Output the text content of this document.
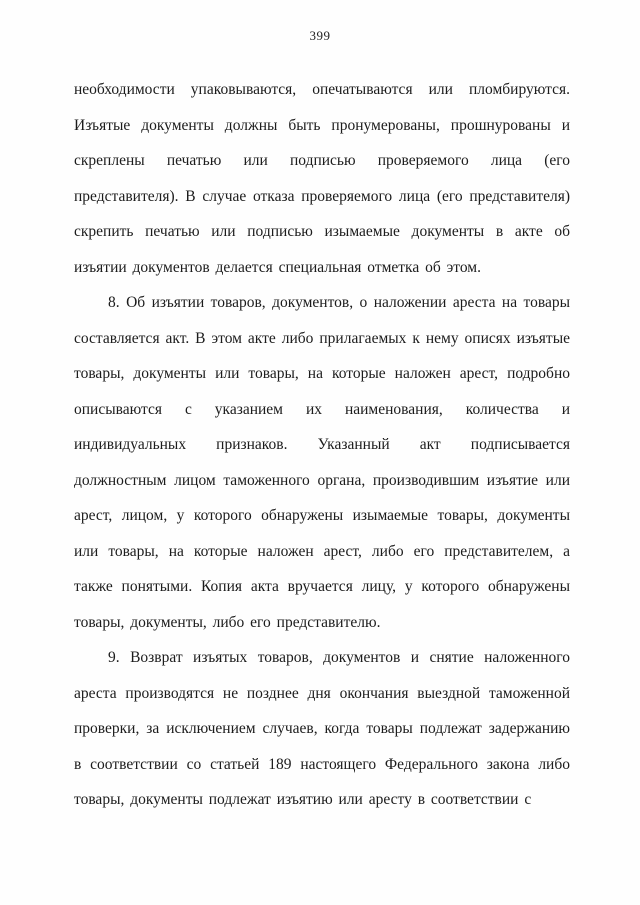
399

необходимости упаковываются, опечатываются или пломбируются. Изъятые документы должны быть пронумерованы, прошнурованы и скреплены печатью или подписью проверяемого лица (его представителя). В случае отказа проверяемого лица (его представителя) скрепить печатью или подписью изымаемые документы в акте об изъятии документов делается специальная отметка об этом.

8. Об изъятии товаров, документов, о наложении ареста на товары составляется акт. В этом акте либо прилагаемых к нему описях изъятые товары, документы или товары, на которые наложен арест, подробно описываются с указанием их наименования, количества и индивидуальных признаков. Указанный акт подписывается должностным лицом таможенного органа, производившим изъятие или арест, лицом, у которого обнаружены изымаемые товары, документы или товары, на которые наложен арест, либо его представителем, а также понятыми. Копия акта вручается лицу, у которого обнаружены товары, документы, либо его представителю.

9. Возврат изъятых товаров, документов и снятие наложенного ареста производятся не позднее дня окончания выездной таможенной проверки, за исключением случаев, когда товары подлежат задержанию в соответствии со статьей 189 настоящего Федерального закона либо товары, документы подлежат изъятию или аресту в соответствии с
